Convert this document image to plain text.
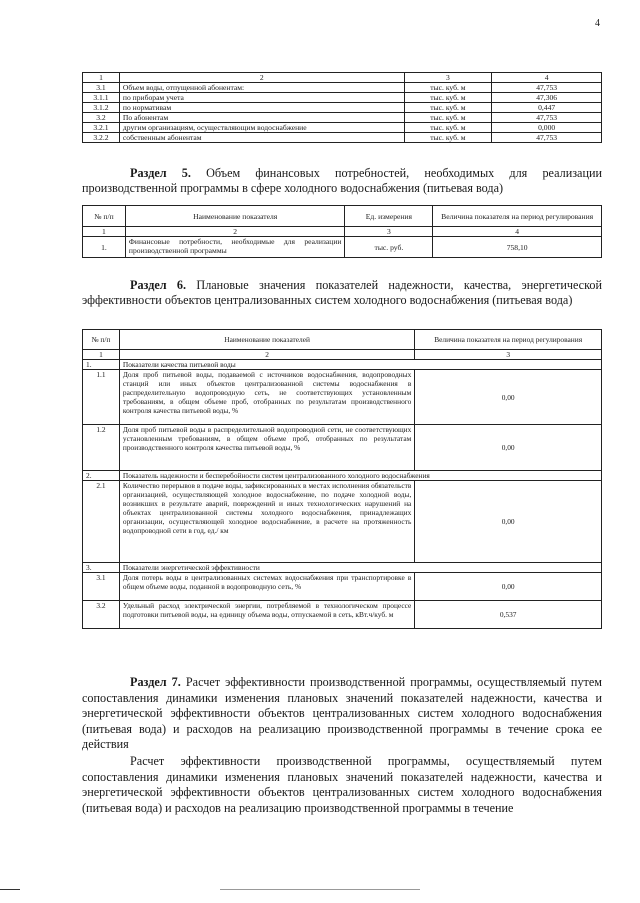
4
1	2	3	4
3.1	Объем воды, отпущенной абонентам:	тыс. куб. м	47,753
3.1.1	по приборам учета	тыс. куб. м	47,306
3.1.2	по нормативам	тыс. куб. м	0,447
3.2	По абонентам	тыс. куб. м	47,753
3.2.1	другим организациям, осуществляющим водоснабжение	тыс. куб. м	0,000
3.2.2	собственным абонентам	тыс. куб. м	47,753
Раздел 5. Объем финансовых потребностей, необходимых для реализации производственной программы в сфере холодного водоснабжения (питьевая вода)
№ п/п	Наименование показателя	Ед. измерения	Величина показателя на период регулирования
1	2	3	4
1.	Финансовые потребности, необходимые для реализации производственной программы	тыс. руб.	758,10
Раздел 6. Плановые значения показателей надежности, качества, энергетической эффективности объектов централизованных систем холодного водоснабжения (питьевая вода)
№ п/п	Наименование показателей	Величина показателя на период регулирования
1	2	3
1.	Показатели качества питьевой воды	
1.1	Доля проб питьевой воды, подаваемой с источников водоснабжения, водопроводных станций или иных объектов централизованной системы водоснабжения в распределительную водопроводную сеть, не соответствующих установленным требованиям, в общем объеме проб, отобранных по результатам производственного контроля качества питьевой воды, %	0,00
1.2	Доля проб питьевой воды в распределительной водопроводной сети, не соответствующих установленным требованиям, в общем объеме проб, отобранных по результатам производственного контроля качества питьевой воды, %	0,00
2.	Показатель надежности и бесперебойности систем централизованного холодного водоснабжения	
2.1	Количество перерывов в подаче воды, зафиксированных в местах исполнения обязательств организацией, осуществляющей холодное водоснабжение, по подаче холодной воды, возникших в результате аварий, повреждений и иных технологических нарушений на объектах централизованной системы холодного водоснабжения, принадлежащих организации, осуществляющей холодное водоснабжение, в расчете на протяженность водопроводной сети в год, ед./ км	0,00
3.	Показатели энергетической эффективности	
3.1	Доля потерь воды в централизованных системах водоснабжения при транспортировке в общем объеме воды, поданной в водопроводную сеть, %	0,00
3.2	Удельный расход электрической энергии, потребляемой в технологическом процессе подготовки питьевой воды, на единицу объема воды, отпускаемой в сеть, кВт.ч/куб. м	0,537

Раздел 7. Расчет эффективности производственной программы, осуществляемый путем сопоставления динамики изменения плановых значений показателей надежности, качества и энергетической эффективности объектов централизованных систем холодного водоснабжения (питьевая вода) и расходов на реализацию производственной программы в течение срока ее действия

Расчет эффективности производственной программы, осуществляемый путем сопоставления динамики изменения плановых значений показателей надежности, качества и энергетической эффективности объектов централизованных систем холодного водоснабжения (питьевая вода) и расходов на реализацию производственной программы в течение
